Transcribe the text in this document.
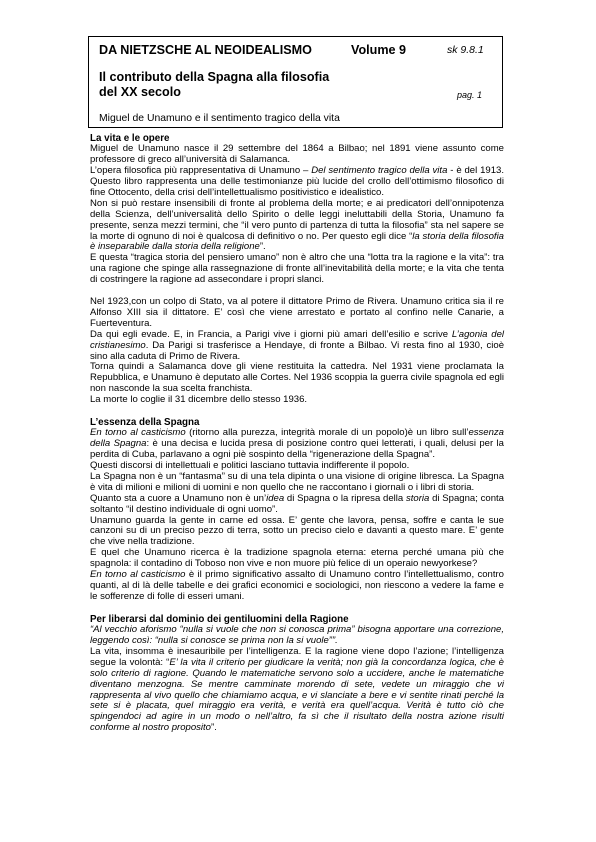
DA NIETZSCHE AL NEOIDEALISMO	Volume 9	sk 9.8.1
Il contributo della Spagna alla filosofia
del XX secolo	pag. 1
Miguel de Unamuno e il sentimento tragico della vita
La vita e le opere

Miguel de Unamuno nasce il 29 settembre del 1864 a Bilbao; nel 1891 viene assunto come professore di greco all’università di Salamanca.

L’opera filosofica più rappresentativa di Unamuno – Del sentimento tragico della vita - è del 1913. Questo libro rappresenta una delle testimonianze più lucide del crollo dell’ottimismo filosofico di fine Ottocento, della crisi dell’intellettualismo positivistico e idealistico.

Non si può restare insensibili di fronte al problema della morte; e ai predicatori dell’onnipotenza della Scienza, dell’universalità dello Spirito o delle leggi ineluttabili della Storia, Unamuno fa presente, senza mezzi termini, che “il vero punto di partenza di tutta la filosofia” sta nel sapere se la morte di ognuno di noi è qualcosa di definitivo o no. Per questo egli dice “la storia della filosofia è inseparabile dalla storia della religione”.

E questa “tragica storia del pensiero umano” non è altro che una “lotta tra la ragione e la vita”: tra una ragione che spinge alla rassegnazione di fronte all’inevitabilità della morte; e la vita che tenta di costringere la ragione ad assecondare i propri slanci.

Nel 1923,con un colpo di Stato, va al potere il dittatore Primo de Rivera. Unamuno critica sia il re Alfonso XIII sia il dittatore. E’ così che viene arrestato e portato al confino nelle Canarie, a Fuerteventura.

Da qui egli evade. E, in Francia, a Parigi vive i giorni più amari dell’esilio e scrive L’agonia del cristianesimo. Da Parigi si trasferisce a Hendaye, di fronte a Bilbao. Vi resta fino al 1930, cioè sino alla caduta di Primo de Rivera.

Torna quindi a Salamanca dove gli viene restituita la cattedra. Nel 1931 viene proclamata la Repubblica, e Unamuno è deputato alle Cortes. Nel 1936 scoppia la guerra civile spagnola ed egli non nasconde la sua scelta franchista.

La morte lo coglie il 31 dicembre dello stesso 1936.

L’essenza della Spagna

En torno al casticismo (ritorno alla purezza, integrità morale di un popolo)è un libro sull’essenza della Spagna: è una decisa e lucida presa di posizione contro quei letterati, i quali, delusi per la perdita di Cuba, parlavano a ogni piè sospinto della “rigenerazione della Spagna”.

Questi discorsi di intellettuali e politici lasciano tuttavia indifferente il popolo.

La Spagna non è un “fantasma” su di una tela dipinta o una visione di origine libresca. La Spagna è vita di milioni e milioni di uomini e non quello che ne raccontano i giornali o i libri di storia.

Quanto sta a cuore a Unamuno non è un’idea di Spagna o la ripresa della storia di Spagna; conta soltanto “il destino individuale di ogni uomo”.

Unamuno guarda la gente in carne ed ossa. E’ gente che lavora, pensa, soffre e canta le sue canzoni su di un preciso pezzo di terra, sotto un preciso cielo e davanti a questo mare. E’ gente che vive nella tradizione.

E quel che Unamuno ricerca è la tradizione spagnola eterna: eterna perché umana più che spagnola: il contadino di Toboso non vive e non muore più felice di un operaio newyorkese?

En torno al casticismo è il primo significativo assalto di Unamuno contro l’intellettualismo, contro quanti, al di là delle tabelle e dei grafici economici e sociologici, non riescono a vedere la fame e le sofferenze di folle di esseri umani.

Per liberarsi dal dominio dei gentiluomini della Ragione

“Al vecchio aforismo “nulla si vuole che non si conosca prima” bisogna apportare una correzione, leggendo così: “nulla si conosce se prima non la si vuole””.

La vita, insomma è inesauribile per l’intelligenza. E la ragione viene dopo l’azione; l’intelligenza segue la volontà: “E’ la vita il criterio per giudicare la verità; non già la concordanza logica, che è solo criterio di ragione. Quando le matematiche servono solo a uccidere, anche le matematiche diventano menzogna. Se mentre camminate morendo di sete, vedete un miraggio che vi rappresenta al vivo quello che chiamiamo acqua, e vi slanciate a bere e vi sentite rinati perché la sete si è placata, quel miraggio era verità, e verità era quell’acqua. Verità è tutto ciò che spingendoci ad agire in un modo o nell’altro, fa sì che il risultato della nostra azione risulti conforme al nostro proposito”.
